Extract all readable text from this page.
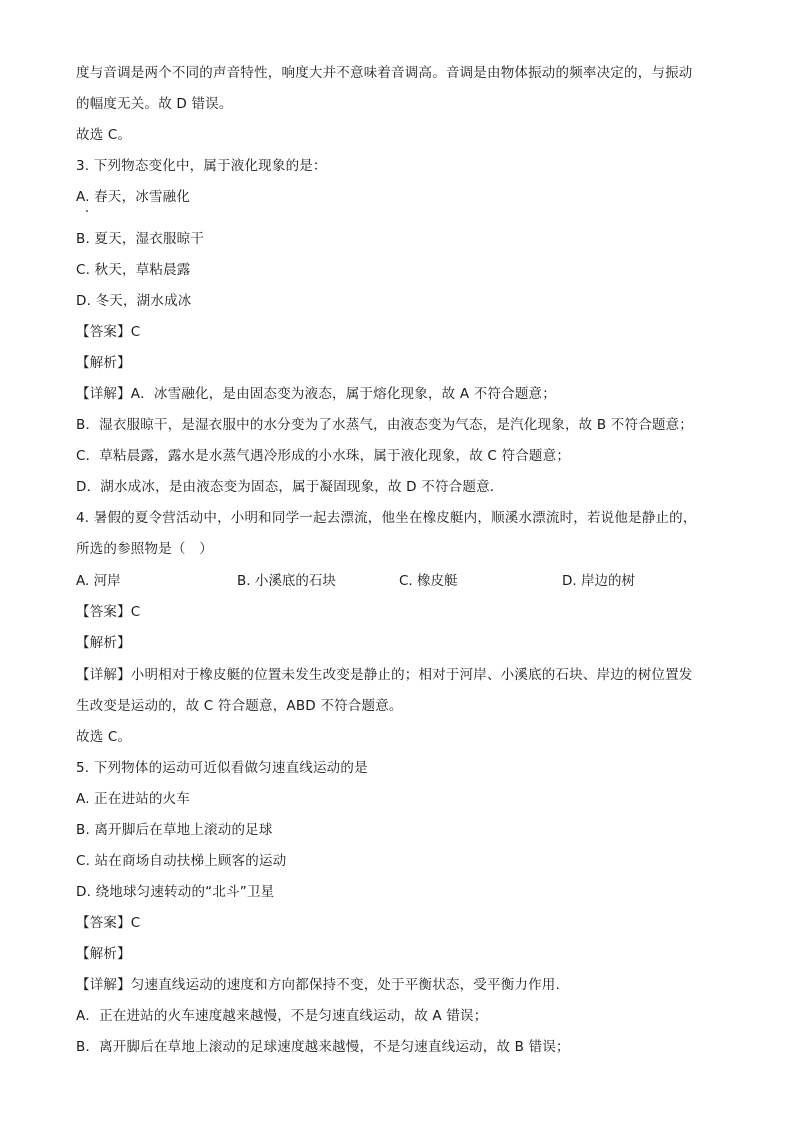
度与音调是两个不同的声音特性，响度大并不意味着音调高。音调是由物体振动的频率决定的，与振动
的幅度无关。故 D 错误。
故选 C。
3. 下列物态变化中，属于液化现象的是：
A. 春天，冰雪融化
B. 夏天，湿衣服晾干
C. 秋天，草粘晨露
D. 冬天，湖水成冰
【答案】C
【解析】
【详解】A．冰雪融化，是由固态变为液态，属于熔化现象，故 A 不符合题意；
B．湿衣服晾干，是湿衣服中的水分变为了水蒸气，由液态变为气态，是汽化现象，故 B 不符合题意；
C．草粘晨露，露水是水蒸气遇冷形成的小水珠，属于液化现象，故 C 符合题意；
D．湖水成冰，是由液态变为固态，属于凝固现象，故 D 不符合题意．
4. 暑假的夏令营活动中，小明和同学一起去漂流，他坐在橡皮艇内，顺溪水漂流时，若说他是静止的，
所选的参照物是（　）
A. 河岸	B. 小溪底的石块	C. 橡皮艇	D. 岸边的树
【答案】C
【解析】
【详解】小明相对于橡皮艇的位置未发生改变是静止的；相对于河岸、小溪底的石块、岸边的树位置发
生改变是运动的，故 C 符合题意，ABD 不符合题意。
故选 C。
5. 下列物体的运动可近似看做匀速直线运动的是
A. 正在进站的火车
B. 离开脚后在草地上滚动的足球
C. 站在商场自动扶梯上顾客的运动
D. 绕地球匀速转动的“北斗”卫星
【答案】C
【解析】
【详解】匀速直线运动的速度和方向都保持不变，处于平衡状态，受平衡力作用.
A．正在进站的火车速度越来越慢，不是匀速直线运动，故 A 错误；
B．离开脚后在草地上滚动的足球速度越来越慢，不是匀速直线运动，故 B 错误；
